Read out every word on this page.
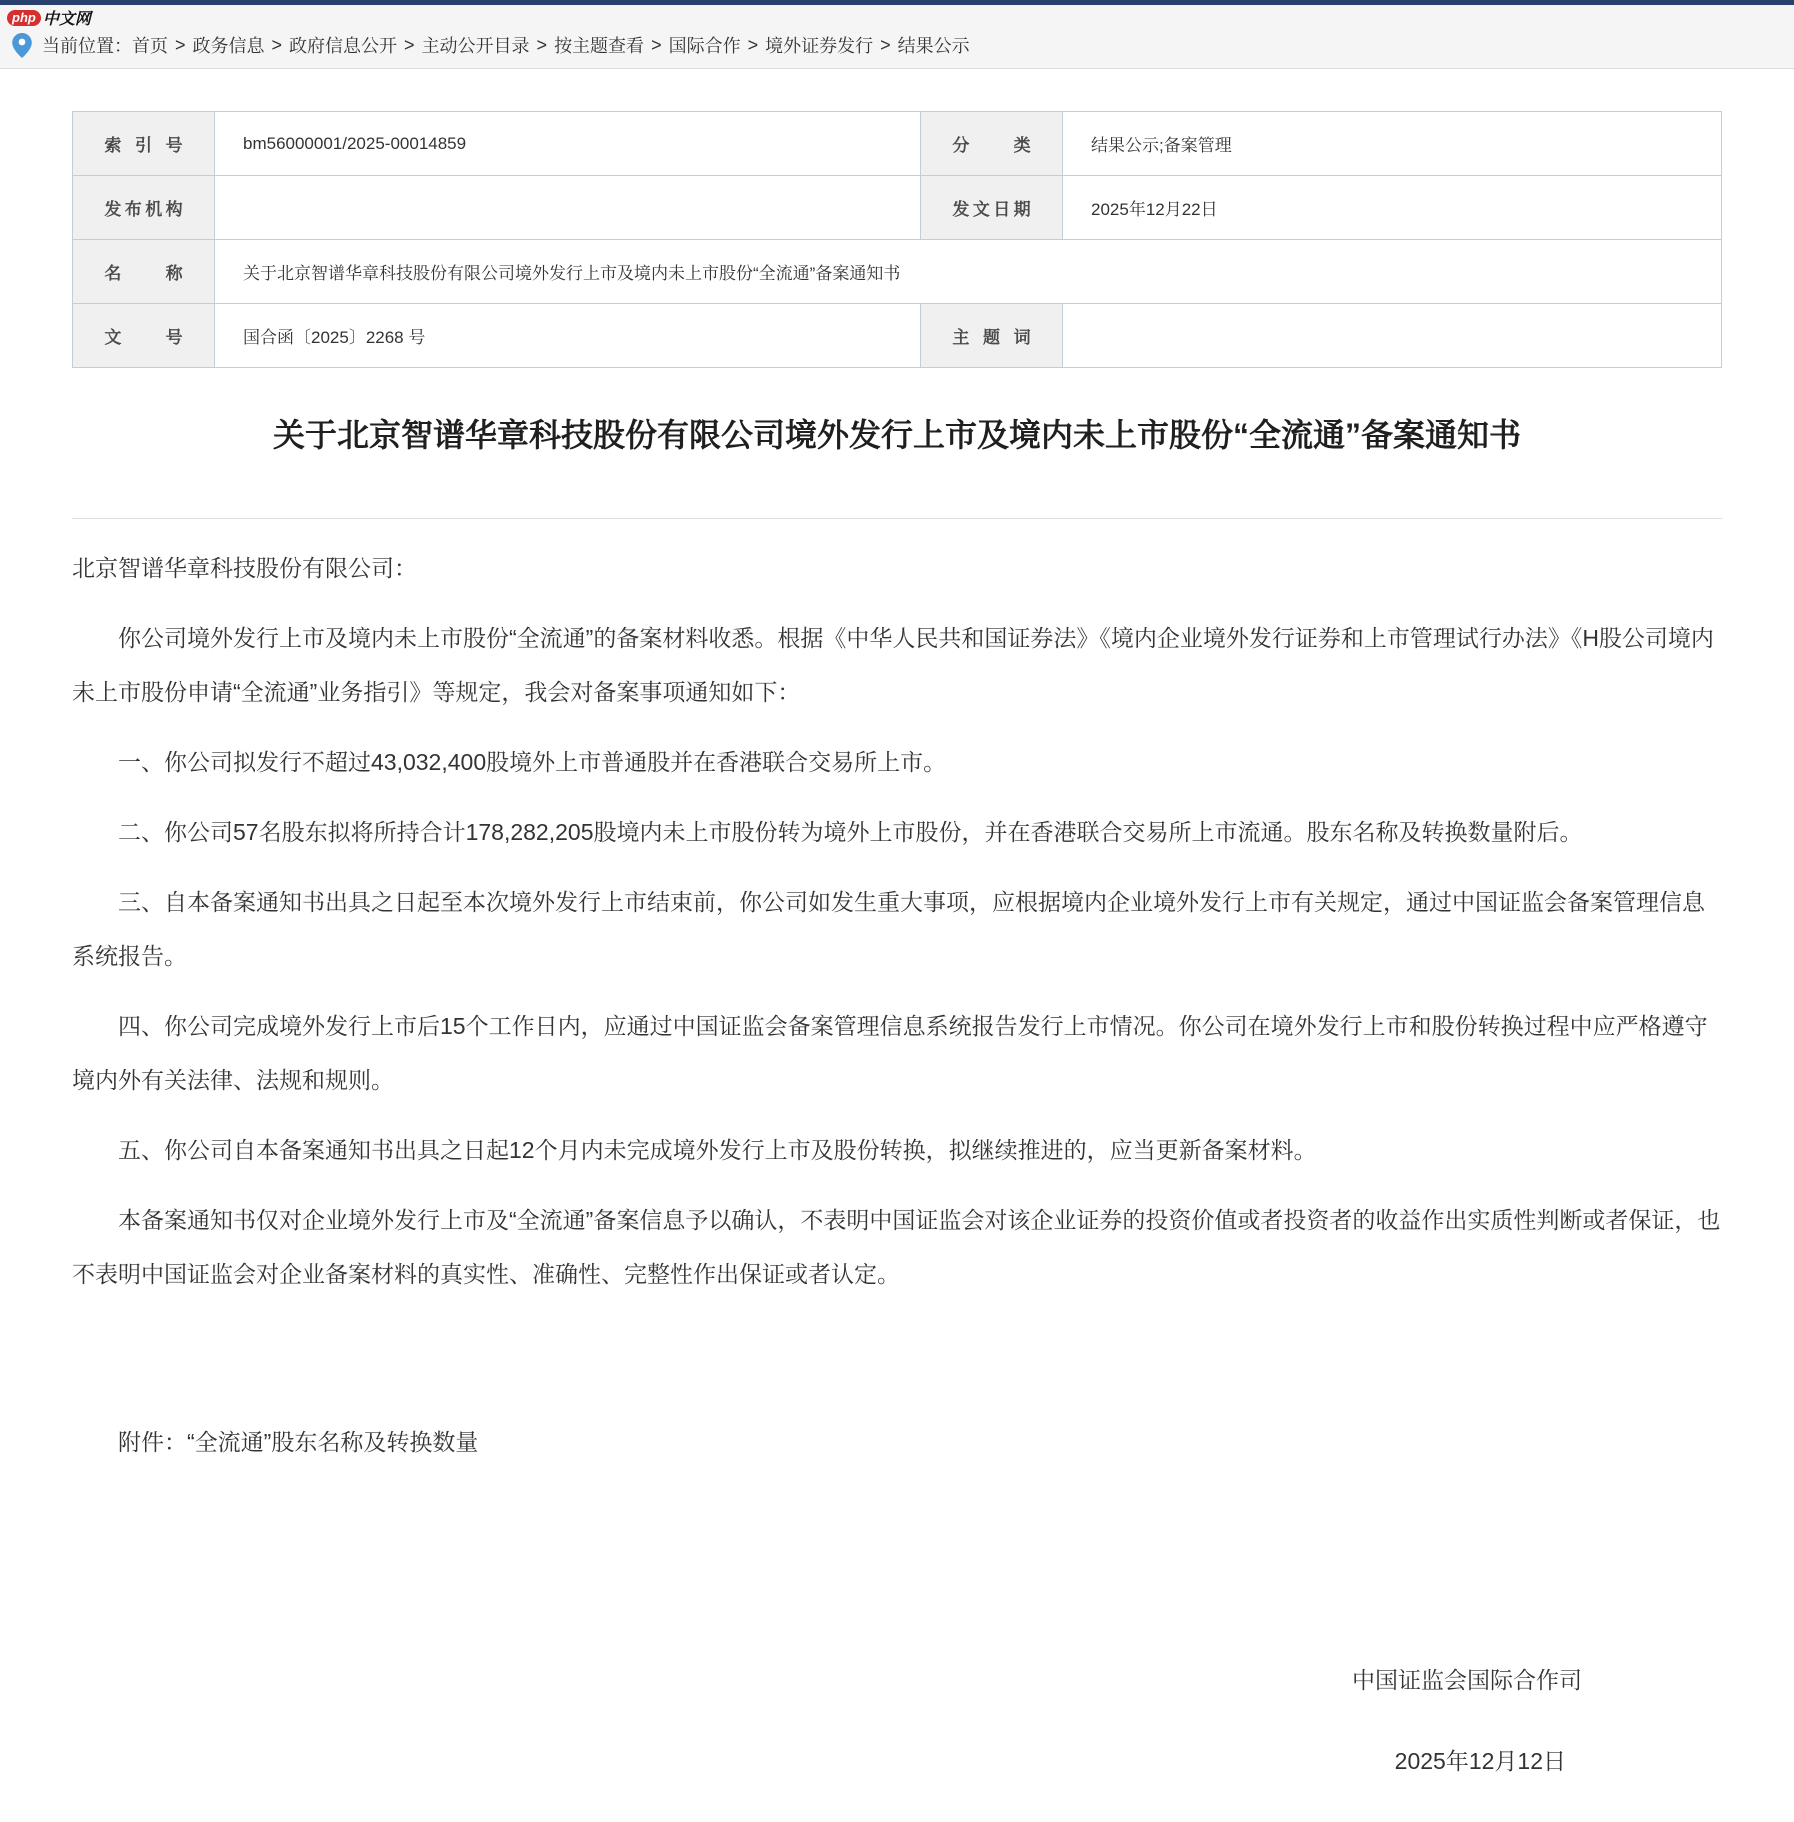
php 中文网
当前位置： 首页 > 政务信息 > 政府信息公开 > 主动公开目录 > 按主题查看 > 国际合作 > 境外证券发行 > 结果公示
索引号	bm56000001/2025-00014859	分类	结果公示;备案管理
发布机构		发文日期	2025年12月22日
名称	关于北京智谱华章科技股份有限公司境外发行上市及境内未上市股份“全流通”备案通知书		
文号	国合函〔2025〕2268 号	主题词	
关于北京智谱华章科技股份有限公司境外发行上市及境内未上市股份“全流通”备案通知书

北京智谱华章科技股份有限公司：

你公司境外发行上市及境内未上市股份“全流通”的备案材料收悉。根据《中华人民共和国证券法》《境内企业境外发行证券和上市管理试行办法》《H股公司境内未上市股份申请“全流通”业务指引》等规定，我会对备案事项通知如下：

一、你公司拟发行不超过43,032,400股境外上市普通股并在香港联合交易所上市。

二、你公司57名股东拟将所持合计178,282,205股境内未上市股份转为境外上市股份，并在香港联合交易所上市流通。股东名称及转换数量附后。

三、自本备案通知书出具之日起至本次境外发行上市结束前，你公司如发生重大事项，应根据境内企业境外发行上市有关规定，通过中国证监会备案管理信息系统报告。

四、你公司完成境外发行上市后15个工作日内，应通过中国证监会备案管理信息系统报告发行上市情况。你公司在境外发行上市和股份转换过程中应严格遵守境内外有关法律、法规和规则。

五、你公司自本备案通知书出具之日起12个月内未完成境外发行上市及股份转换，拟继续推进的，应当更新备案材料。

本备案通知书仅对企业境外发行上市及“全流通”备案信息予以确认，不表明中国证监会对该企业证券的投资价值或者投资者的收益作出实质性判断或者保证，也不表明中国证监会对企业备案材料的真实性、准确性、完整性作出保证或者认定。

附件：“全流通”股东名称及转换数量

中国证监会国际合作司

2025年12月12日
